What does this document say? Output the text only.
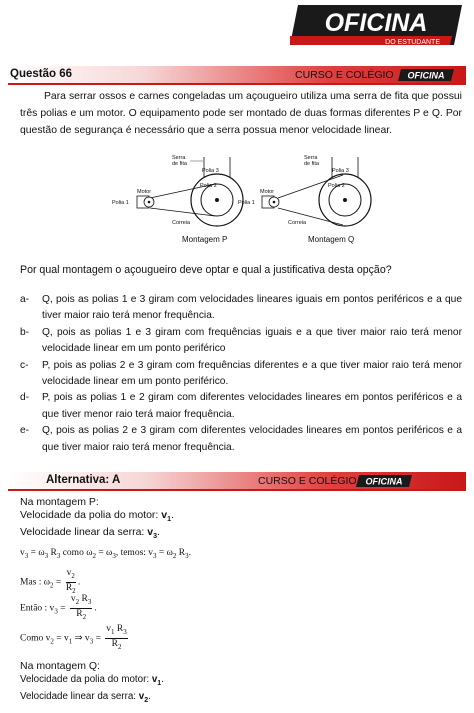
OFICINA
DO ESTUDANTE
Questão 66	CURSO E COLÉGIO OFICINA

Para serrar ossos e carnes congeladas um açougueiro utiliza uma serra de fita que possui três polias e um motor. O equipamento pode ser montado de duas formas diferentes P e Q. Por questão de segurança é necessário que a serra possua menor velocidade linear.

Serra
de fita
Polia 3
Polia 2
Motor
Polia 1
Correia
Montagem P
Serra
de fita
Polia 3
Polia 2
Motor
Polia 1
Correia
Montagem Q
Por qual montagem o açougueiro deve optar e qual a justificativa desta opção?
a-	Q, pois as polias 1 e 3 giram com velocidades lineares iguais em pontos periféricos e a que tiver maior raio terá menor frequência.
b-	Q, pois as polias 1 e 3 giram com frequências iguais e a que tiver maior raio terá menor velocidade linear em um ponto periférico
c-	P, pois as polias 2 e 3 giram com frequências diferentes e a que tiver maior raio terá menor velocidade linear em um ponto periférico.
d-	P, pois as polias 1 e 2 giram com diferentes velocidades lineares em pontos periféricos e a que tiver menor raio terá maior frequência.
e-	Q, pois as polias 2 e 3 giram com diferentes velocidades lineares em pontos periféricos e a que tiver maior raio terá menor frequência.
Alternativa: A	CURSO E COLÉGIO OFICINA
Na montagem P:
Velocidade da polia do motor: $v_1$.
Velocidade linear da serra: $v_3$.
$v_3 = \omega_3$ $R_3$ como $\omega_2 = \omega_3$, temos: $v_3 = \omega_2$ $R_3$.
Mas : $\omega_2 = \frac{v_2}{R_2}$ .
Então : $v_3 = \frac{v_2 R_3}{R_2}$ .
Como $v_2 = v_1$ ⇒ $v_3 = \frac{v_1 R_3}{R_2}$
Na montagem Q:
Velocidade da polia do motor: $v_1$.
Velocidade linear da serra: $v_2$.
